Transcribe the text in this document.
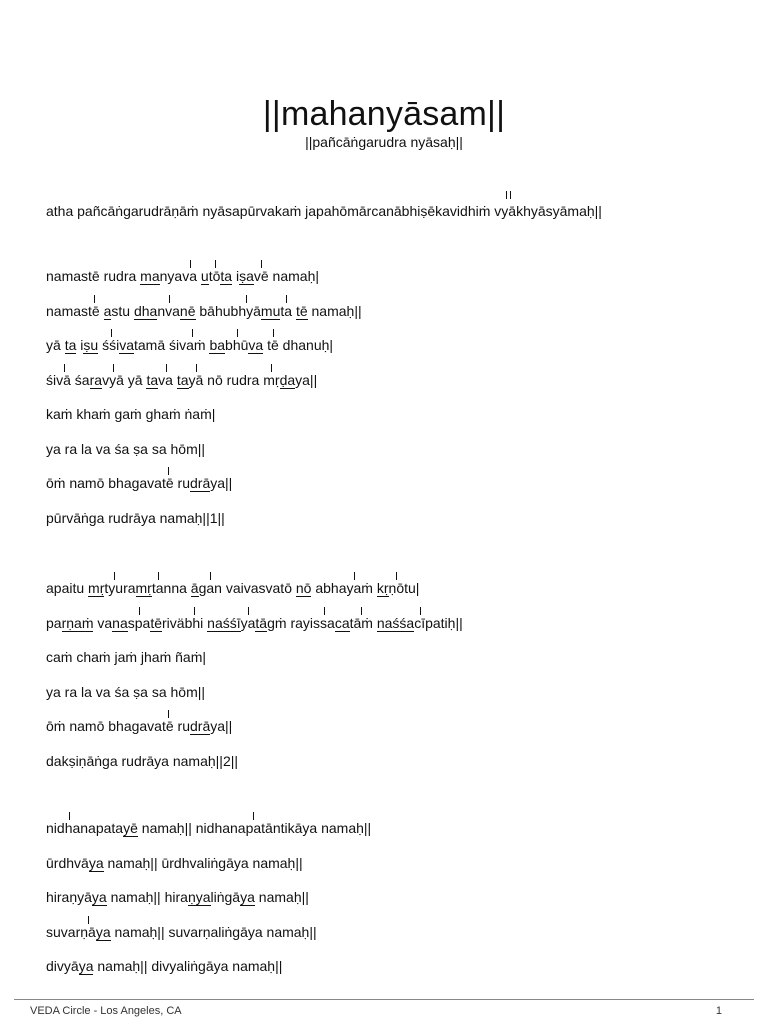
||mahanyāsam||
||pañcāṅgarudra nyāsaḥ||
atha pañcāṅgarudrāṇāṁ nyāsapūrvakaṁ japahōmārcanābhiṣēkavidhiṁ vyākhyāsyāmaḥ||
namastē rudra manyava utōta iṣavē namaḥ|
namastē astu dhanvanē bāhubhyāmuta tē namaḥ||
yā ta iṣu śśivatamā śivaṁ babhūva tē dhanuḥ|
śivā śaravyā yā tava tayā nō rudra mṛḍaya||
kaṁ khaṁ gaṁ ghaṁ ṅaṁ|
ya ra la va śa ṣa sa hōm||
ōṁ namō bhagavatē rudrāya||
pūrvāṅga rudrāya namaḥ||1||
apaitu mṛtyuramṛtanna āgan vaivasvatō nō abhayaṁ kṛṇōtu|
parṇaṁ vanaspatēriväbhi naśśīyatāgṁ rayissacatāṁ naśśacīpatiḥ||
caṁ chaṁ jaṁ jhaṁ ñaṁ|
ya ra la va śa ṣa sa hōm||
ōṁ namō bhagavatē rudrāya||
dakṣiṇāṅga rudrāya namaḥ||2||
nidhanapatayē namaḥ|| nidhanapatāntikāya namaḥ||
ūrdhvāya namaḥ|| ūrdhvaliṅgāya namaḥ||
hiraṇyāya namaḥ|| hiraṇyaliṅgāya namaḥ||
suvarṇāya namaḥ|| suvarṇaliṅgāya namaḥ||
divyāya namaḥ|| divyaliṅgāya namaḥ||
VEDA Circle - Los Angeles, CA	1
